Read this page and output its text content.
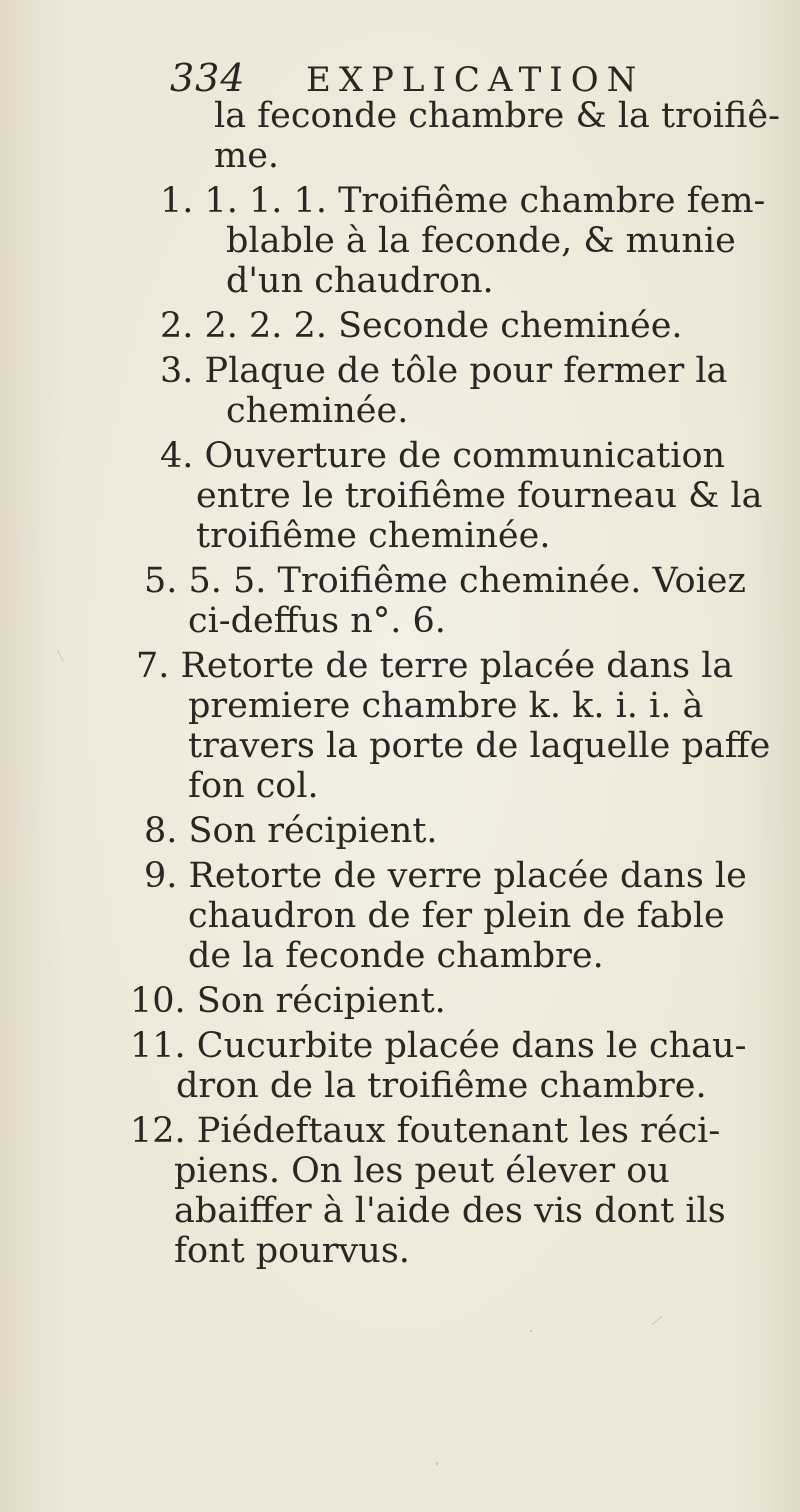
334 EXPLICATION
la feconde chambre & la troifiê-
me.
1. 1. 1. 1. Troifiême chambre fem-
blable à la feconde, & munie
d'un chaudron.
2. 2. 2. 2. Seconde cheminée.
3. Plaque de tôle pour fermer la
cheminée.
4. Ouverture de communication
entre le troifiême fourneau & la
troifiême cheminée.
5. 5. 5. Troifiême cheminée. Voiez
ci-deffus n°. 6.
7. Retorte de terre placée dans la
premiere chambre k. k. i. i. à
travers la porte de laquelle paffe
fon col.
8. Son récipient.
9. Retorte de verre placée dans le
chaudron de fer plein de fable
de la feconde chambre.
10. Son récipient.
11. Cucurbite placée dans le chau-
dron de la troifiême chambre.
12. Piédeftaux foutenant les réci-
piens. On les peut élever ou
abaiffer à l'aide des vis dont ils
font pourvus.
